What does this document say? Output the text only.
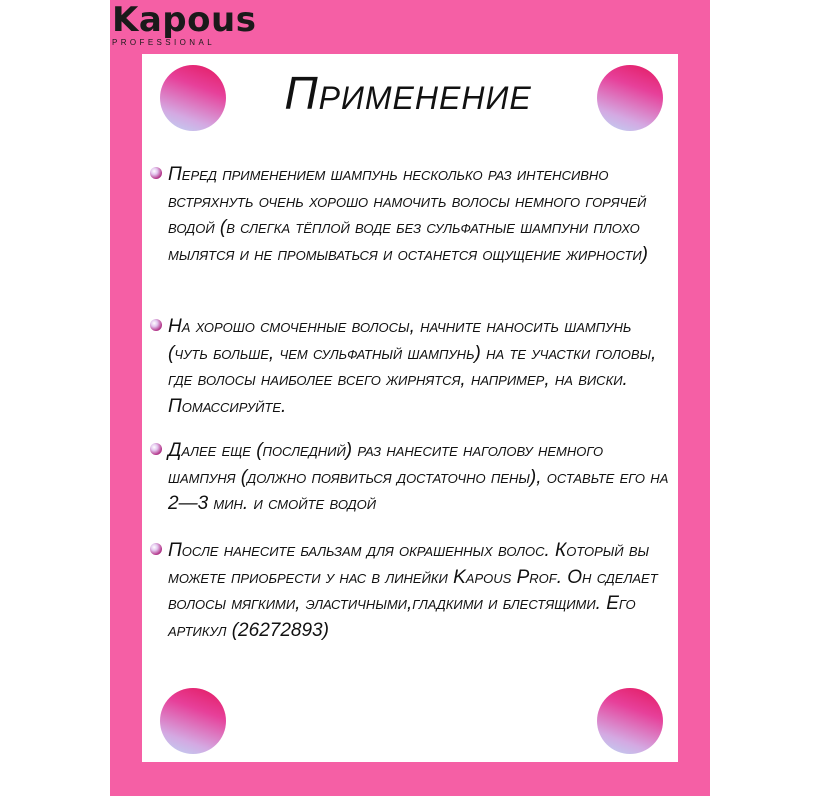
Kapous
PROFESSIONAL
Применение
Перед применением шампунь несколько раз интенсивно встряхнуть очень хорошо намочить волосы немного горячей водой (в слегка тёплой воде без сульфатные шампуни плохо мылятся и не промываться и останется ощущение жирности)
На хорошо смоченные волосы, начните наносить шампунь (чуть больше, чем сульфатный шампунь) на те участки головы, где волосы наиболее всего жирнятся, например, на виски. Помассируйте.
Далее еще (последний) раз нанесите наголову немного шампуня (должно появиться достаточно пены), оставьте его на 2—3 мин. и смойте водой
После нанесите бальзам для окрашенных волос. Который вы можете приобрести у нас в линейки Kapous Prof. Он сделает волосы мягкими, эластичными,гладкими и блестящими. Его артикул (26272893)
